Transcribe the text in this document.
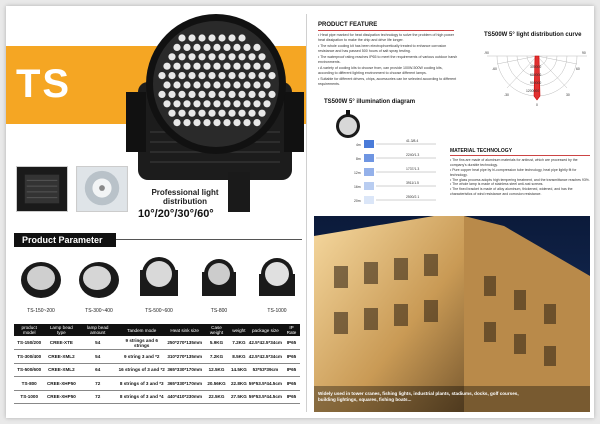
TS
Professional light distribution
10°/20°/30°/60°
Product Parameter
TS-150~200	TS-300~400	TS-500~600	TS-800	TS-1000
product model	Lamp bead type	lamp bead amount	Tandem mode	Heat sink size	Case weight	weight	package size	IP Rate
TS-150/200	CREE-XTE	54	9 strings and 6 strings	250*270*135mm	5.9KG	7.2KG	42.5*42.5*34cm	IP65
TS-300/400	CREE-XML2	54	9 string 3 and *2	310*270*135mm	7.2KG	8.5KG	42.5*42.5*34cm	IP65
TS-500/600	CREE-XML2	64	16 strings of 3 and *2	365*330*170mm	12.5KG	14.5KG	53*53*39cm	IP65
TS-800	CREE-XHP50	72	8 strings of 3 and *3	365*330*170mm	20.56KG	22.8KG	59*53.5*44.5cm	IP65
TS-1000	CREE-XHP50	72	8 strings of 3 and *4	440*410*230mm	22.5KG	27.5KG	59*53.5*44.5cm	IP65
PRODUCT FEATURE
• Heat pipe marked for heat dissipation technology to solve the problem of high power heat dissipation to make the chip and drive life longer.
• The whole cooling kit has been electrophoretically treated to enhance corrosion resistance and has passed 500 hours of salt spray testing.
• The waterproof rating reaches IP65 to meet the requirements of various outdoor harsh environments.
• A variety of cooling kits to choose from, can provide 100W-500W cooling kits, according to different lighting environment to choose different lamps.
• Suitable for different drivers, chips, accessories can be selected according to different requirements.
TS500W 5° light distribution curve
-90
-60
-30
0
30
60
90
300000
600000
900000
1200000
TS500W 5° illumination diagram
4m
8m
12m
16m
20m
41.3/8.4
2240/1.3
1737/1.3
3911/1.5
2500/2.1
MATERIAL TECHNOLOGY
• The fins are made of aluminum materials for antirust, which are processed by the company's durable technology.
• Pure copper heat pipe by hi-compression tube technology, heat pipe lightly fit for technology.
• The glass process adopts high tempering treatment, and the transmittance reaches 93%.
• The whole lamp is made of stainless steel anti-rust screws.
• The fixed bracket is made of alloy aluminum, thickened, widened, and has the characteristics of wind resistance and corrosion resistance.
Widely used in tower cranes, fishing lights, industrial plants, stadiums, docks, golf courses, building lightings, squares, fishing boats...
